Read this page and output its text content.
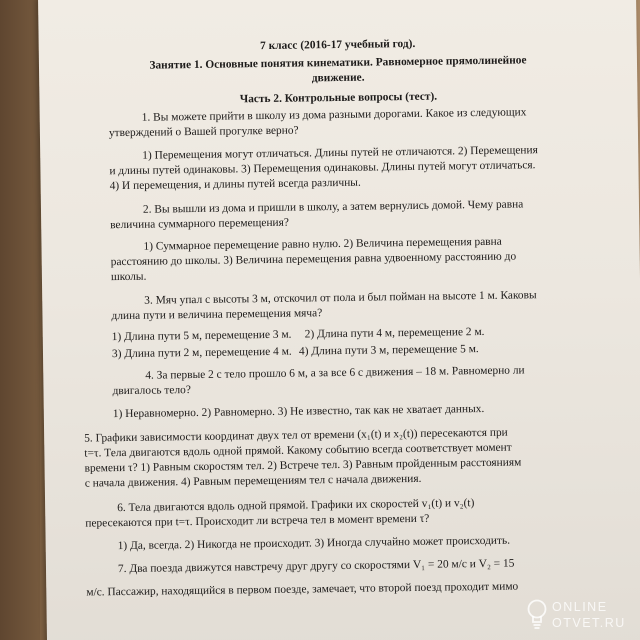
7 класс (2016-17 учебный год).
Занятие 1. Основные понятия кинематики. Равномерное прямолинейное
движение.
Часть 2. Контрольные вопросы (тест).
1. Вы можете прийти в школу из дома разными дорогами. Какое из следующих
утверждений о Вашей прогулке верно?
1) Перемещения могут отличаться. Длины путей не отличаются. 2) Перемещения
и длины путей одинаковы. 3) Перемещения одинаковы. Длины путей могут отличаться.
4) И перемещения, и длины путей всегда различны.
2. Вы вышли из дома и пришли в школу, а затем вернулись домой. Чему равна
величина суммарного перемещения?
1) Суммарное перемещение равно нулю. 2) Величина перемещения равна
расстоянию до школы. 3) Величина перемещения равна удвоенному расстоянию до
школы.
3. Мяч упал с высоты 3 м, отскочил от пола и был пойман на высоте 1 м. Каковы
длина пути и величина перемещения мяча?
1) Длина пути 5 м, перемещение 3 м. 2) Длина пути 4 м, перемещение 2 м.
3) Длина пути 2 м, перемещение 4 м. 4) Длина пути 3 м, перемещение 5 м.
4. За первые 2 с тело прошло 6 м, а за все 6 с движения – 18 м. Равномерно ли
двигалось тело?
1) Неравномерно. 2) Равномерно. 3) Не известно, так как не хватает данных.
5. Графики зависимости координат двух тел от времени (x₁(t) и x₂(t)) пересекаются при
t=τ. Тела двигаются вдоль одной прямой. Какому событию всегда соответствует момент
времени τ? 1) Равным скоростям тел. 2) Встрече тел. 3) Равным пройденным расстояниям
с начала движения. 4) Равным перемещениям тел с начала движения.
6. Тела двигаются вдоль одной прямой. Графики их скоростей v₁(t) и v₂(t)
пересекаются при t=τ. Происходит ли встреча тел в момент времени τ?
1) Да, всегда. 2) Никогда не происходит. 3) Иногда случайно может происходить.
7. Два поезда движутся навстречу друг другу со скоростями V₁ = 20 м/с и V₂ = 15
м/с. Пассажир, находящийся в первом поезде, замечает, что второй поезд проходит мимо
ONLINE
OTVET.RU
